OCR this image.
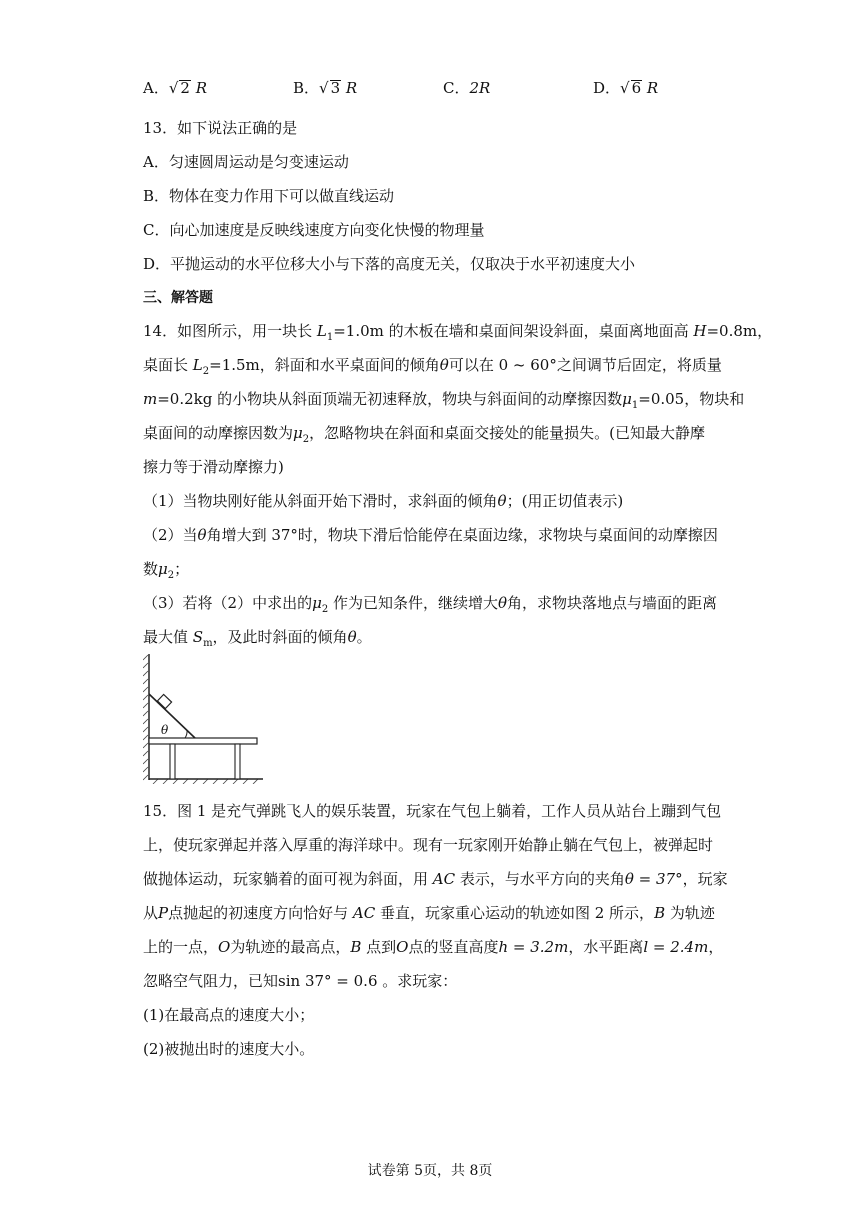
A．√ 2 R	B．√ 3 R	C．2R	D．√ 6 R
13．如下说法正确的是
A．匀速圆周运动是匀变速运动
B．物体在变力作用下可以做直线运动
C．向心加速度是反映线速度方向变化快慢的物理量
D．平抛运动的水平位移大小与下落的高度无关，仅取决于水平初速度大小
三、解答题
14．如图所示，用一块长 $L_1=1.0m$ 的木板在墙和桌面间架设斜面，桌面离地面高 H=0.8m，
桌面长 $L_2=1.5m$，斜面和水平桌面间的倾角θ可以在 0 ~ 60°之间调节后固定，将质量
m=0.2kg 的小物块从斜面顶端无初速释放，物块与斜面间的动摩擦因数$\mu_1=0.05$，物块和
桌面间的动摩擦因数为$\mu_2$，忽略物块在斜面和桌面交接处的能量损失。(已知最大静摩
擦力等于滑动摩擦力)
（1）当物块刚好能从斜面开始下滑时，求斜面的倾角θ；(用正切值表示)
（2）当θ角增大到 37°时，物块下滑后恰能停在桌面边缘，求物块与桌面间的动摩擦因
数$\mu_2$；
（3）若将（2）中求出的$\mu_2$ 作为已知条件，继续增大θ角，求物块落地点与墙面的距离
最大值 $S_m$，及此时斜面的倾角θ。
θ
15．图 1 是充气弹跳飞人的娱乐装置，玩家在气包上躺着，工作人员从站台上蹦到气包
上，使玩家弹起并落入厚重的海洋球中。现有一玩家刚开始静止躺在气包上，被弹起时
做抛体运动，玩家躺着的面可视为斜面，用 AC 表示，与水平方向的夹角θ = 37°，玩家
从P点抛起的初速度方向恰好与 AC 垂直，玩家重心运动的轨迹如图 2 所示，B 为轨迹
上的一点，O为轨迹的最高点，B 点到O点的竖直高度h = 3.2m，水平距离l = 2.4m，
忽略空气阻力，已知sin 37° = 0.6 。求玩家：
(1)在最高点的速度大小；
(2)被抛出时的速度大小。
试卷第 5页，共 8页
